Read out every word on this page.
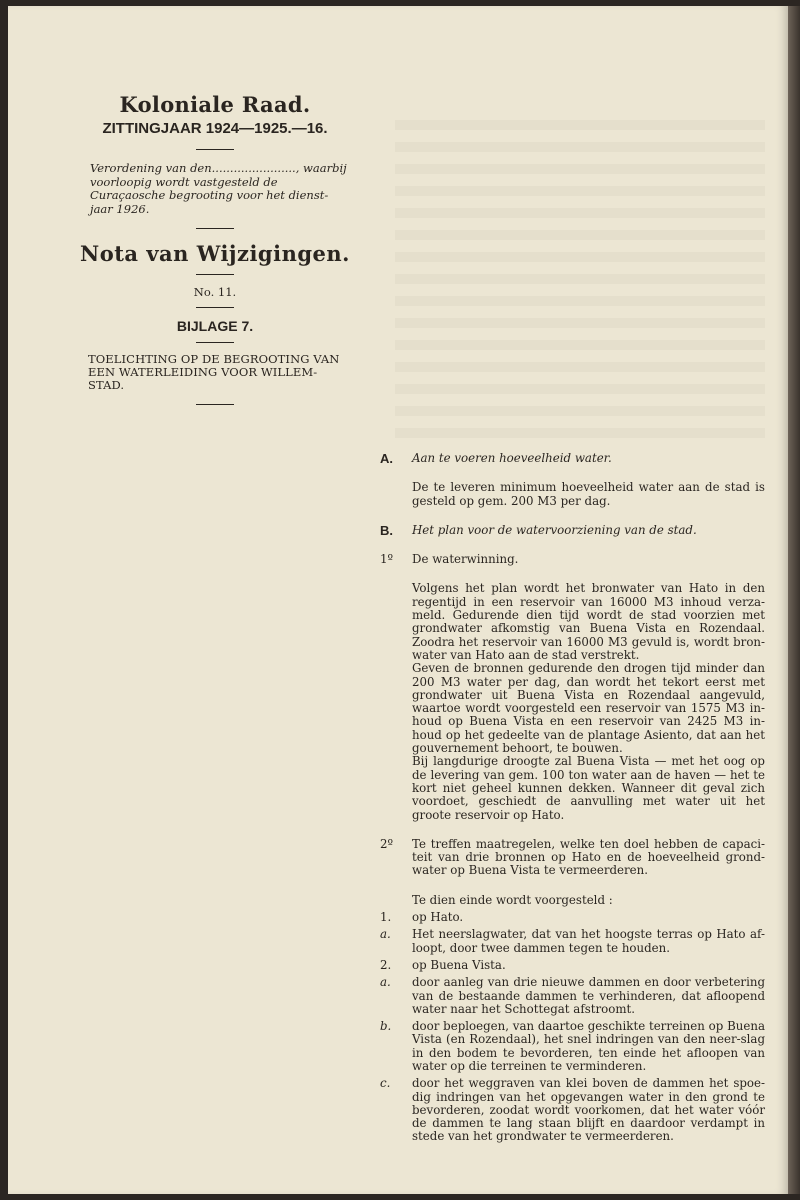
Koloniale Raad.
ZITTINGJAAR 1924—1925.—16.
Verordening van den......................., waarbij voorloopig wordt vastgesteld de Curaçaosche begrooting voor het dienst-jaar 1926.
Nota van Wijzigingen.
No. 11.
BIJLAGE 7.
TOELICHTING OP DE BEGROOTING VAN EEN WATERLEIDING VOOR WILLEM-STAD.
A.	Aan te voeren hoeveelheid water.
De te leveren minimum hoeveelheid water aan de stad is gesteld op gem. 200 M3 per dag.
B.	Het plan voor de watervoorziening van de stad.
1º	De waterwinning.
Volgens het plan wordt het bronwater van Hato in den regentijd in een reservoir van 16000 M3 inhoud verza-meld. Gedurende dien tijd wordt de stad voorzien met grondwater afkomstig van Buena Vista en Rozendaal. Zoodra het reservoir van 16000 M3 gevuld is, wordt bron-water van Hato aan de stad verstrekt.
Geven de bronnen gedurende den drogen tijd minder dan 200 M3 water per dag, dan wordt het tekort eerst met grondwater uit Buena Vista en Rozendaal aangevuld, waartoe wordt voorgesteld een reservoir van 1575 M3 in-houd op Buena Vista en een reservoir van 2425 M3 in-houd op het gedeelte van de plantage Asiento, dat aan het gouvernement behoort, te bouwen.
Bij langdurige droogte zal Buena Vista — met het oog op de levering van gem. 100 ton water aan de haven — het te kort niet geheel kunnen dekken. Wanneer dit geval zich voordoet, geschiedt de aanvulling met water uit het groote reservoir op Hato.
2º	Te treffen maatregelen, welke ten doel hebben de capaci-teit van drie bronnen op Hato en de hoeveelheid grond-water op Buena Vista te vermeerderen.
Te dien einde wordt voorgesteld :
1.	op Hato.
a.	Het neerslagwater, dat van het hoogste terras op Hato af-loopt, door twee dammen tegen te houden.
2.	op Buena Vista.
a.	door aanleg van drie nieuwe dammen en door verbetering van de bestaande dammen te verhinderen, dat afloopend water naar het Schottegat afstroomt.
b.	door beploegen, van daartoe geschikte terreinen op Buena Vista (en Rozendaal), het snel indringen van den neer-slag in den bodem te bevorderen, ten einde het afloopen van water op die terreinen te verminderen.
c.	door het weggraven van klei boven de dammen het spoe-dig indringen van het opgevangen water in den grond te bevorderen, zoodat wordt voorkomen, dat het water vóór de dammen te lang staan blijft en daardoor verdampt in stede van het grondwater te vermeerderen.
